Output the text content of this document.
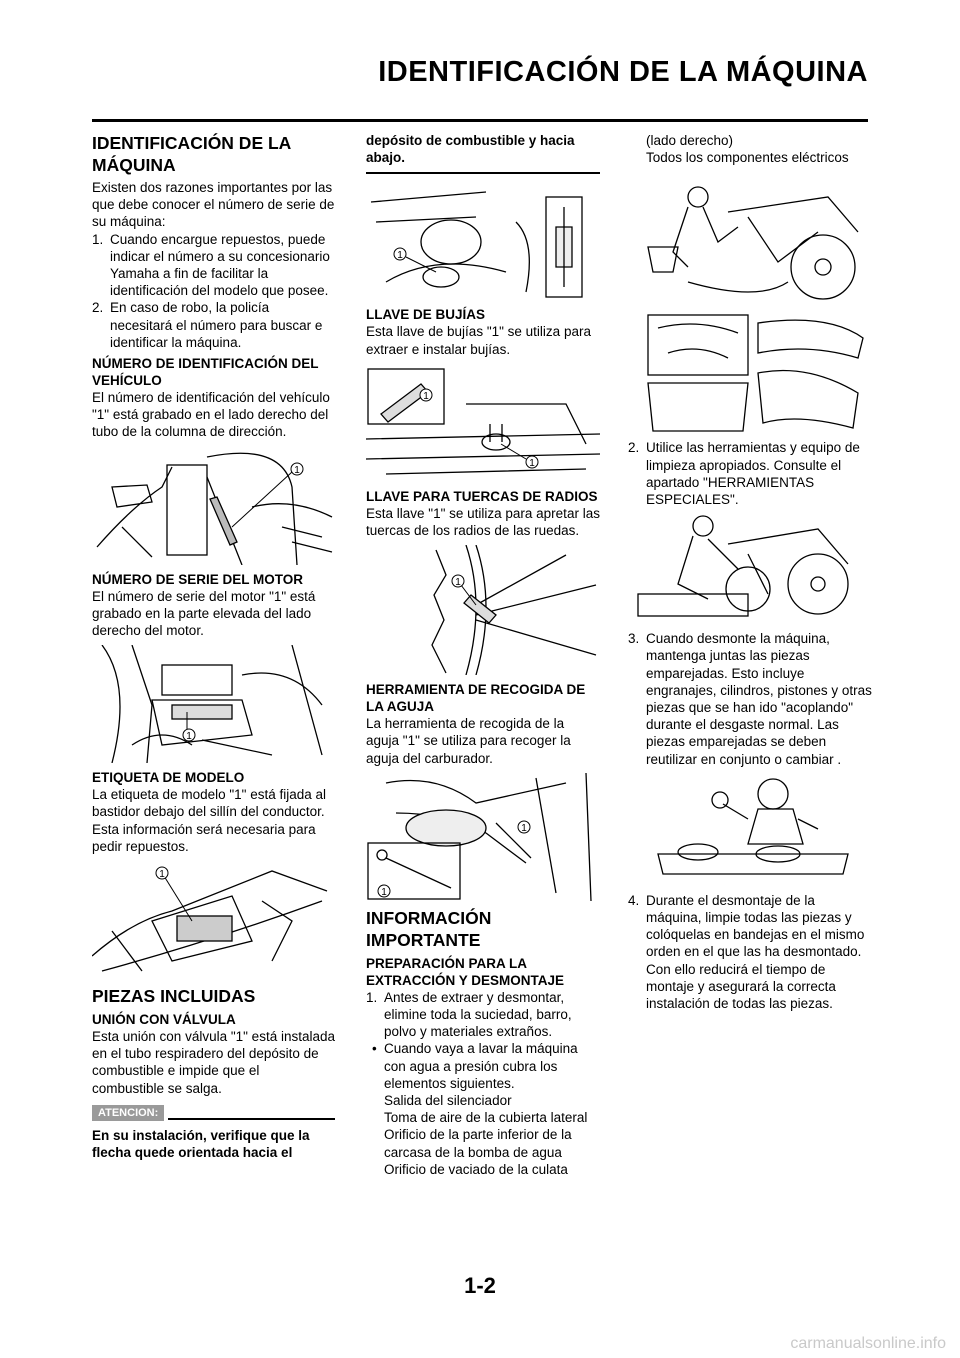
IDENTIFICACIÓN DE LA MÁQUINA
IDENTIFICACIÓN DE LA MÁQUINA

Existen dos razones importantes por las que debe conocer el número de serie de su máquina:

1. Cuando encargue repuestos, puede indicar el número a su concesionario Yamaha a fin de facilitar la identificación del modelo que posee.
2. En caso de robo, la policía necesitará el número para buscar e identificar la máquina.
NÚMERO DE IDENTIFICACIÓN DEL VEHÍCULO

El número de identificación del vehículo "1" está grabado en el lado derecho del tubo de la columna de dirección.

1
NÚMERO DE SERIE DEL MOTOR

El número de serie del motor "1" está grabado en la parte elevada del lado derecho del motor.

1
ETIQUETA DE MODELO

La etiqueta de modelo "1" está fijada al bastidor debajo del sillín del conductor. Esta información será necesaria para pedir repuestos.

1
PIEZAS INCLUIDAS
UNIÓN CON VÁLVULA

Esta unión con válvula "1" está instalada en el tubo respiradero del depósito de combustible e impide que el combustible se salga.

ATENCION:

En su instalación, verifique que la flecha quede orientada hacia el

depósito de combustible y hacia abajo.

1
LLAVE DE BUJÍAS

Esta llave de bujías "1" se utiliza para extraer e instalar bujías.

1
1
LLAVE PARA TUERCAS DE RADIOS

Esta llave "1" se utiliza para apretar las tuercas de los radios de las ruedas.

1
HERRAMIENTA DE RECOGIDA DE LA AGUJA

La herramienta de recogida de la aguja "1" se utiliza para recoger la aguja del carburador.

1
1
INFORMACIÓN IMPORTANTE
PREPARACIÓN PARA LA EXTRACCIÓN Y DESMONTAJE
1. Antes de extraer y desmontar, elimine toda la suciedad, barro, polvo y materiales extraños.
• Cuando vaya a lavar la máquina con agua a presión cubra los elementos siguientes.
Salida del silenciador
Toma de aire de la cubierta lateral
Orificio de la parte inferior de la carcasa de la bomba de agua
Orificio de vaciado de la culata
(lado derecho)
Todos los componentes eléctricos
2. Utilice las herramientas y equipo de limpieza apropiados. Consulte el apartado "HERRAMIENTAS ESPECIALES".
3. Cuando desmonte la máquina, mantenga juntas las piezas emparejadas. Esto incluye engranajes, cilindros, pistones y otras piezas que se han ido "acoplando" durante el desgaste normal. Las piezas emparejadas se deben reutilizar en conjunto o cambiar .
4. Durante el desmontaje de la máquina, limpie todas las piezas y colóquelas en bandejas en el mismo orden en el que las ha desmontado. Con ello reducirá el tiempo de montaje y asegurará la correcta instalación de todas las piezas.
1-2
carmanualsonline.info
